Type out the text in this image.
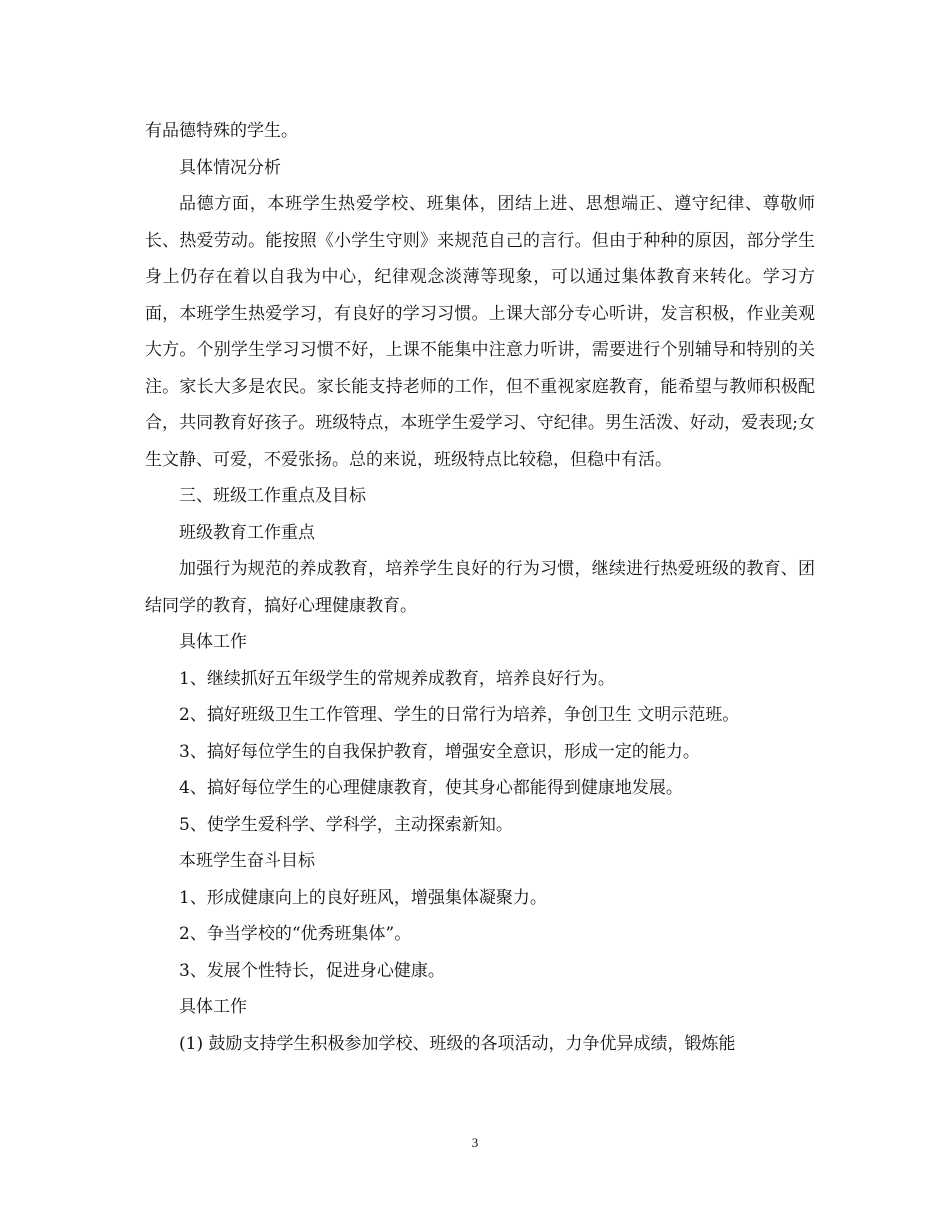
有品德特殊的学生。

具体情况分析

品德方面，本班学生热爱学校、班集体，团结上进、思想端正、遵守纪律、尊敬师长、热爱劳动。能按照《小学生守则》来规范自己的言行。但由于种种的原因，部分学生身上仍存在着以自我为中心，纪律观念淡薄等现象，可以通过集体教育来转化。学习方面，本班学生热爱学习，有良好的学习习惯。上课大部分专心听讲，发言积极，作业美观大方。个别学生学习习惯不好，上课不能集中注意力听讲，需要进行个别辅导和特别的关注。家长大多是农民。家长能支持老师的工作，但不重视家庭教育，能希望与教师积极配合，共同教育好孩子。班级特点，本班学生爱学习、守纪律。男生活泼、好动，爱表现;女生文静、可爱，不爱张扬。总的来说，班级特点比较稳，但稳中有活。

三、班级工作重点及目标

班级教育工作重点

加强行为规范的养成教育，培养学生良好的行为习惯，继续进行热爱班级的教育、团结同学的教育，搞好心理健康教育。

具体工作

1、继续抓好五年级学生的常规养成教育，培养良好行为。

2、搞好班级卫生工作管理、学生的日常行为培养，争创卫生 文明示范班。

3、搞好每位学生的自我保护教育，增强安全意识，形成一定的能力。

4、搞好每位学生的心理健康教育，使其身心都能得到健康地发展。

5、使学生爱科学、学科学，主动探索新知。

本班学生奋斗目标

1、形成健康向上的良好班风，增强集体凝聚力。

2、争当学校的“优秀班集体”。

3、发展个性特长，促进身心健康。

具体工作

(1) 鼓励支持学生积极参加学校、班级的各项活动，力争优异成绩，锻炼能

3
